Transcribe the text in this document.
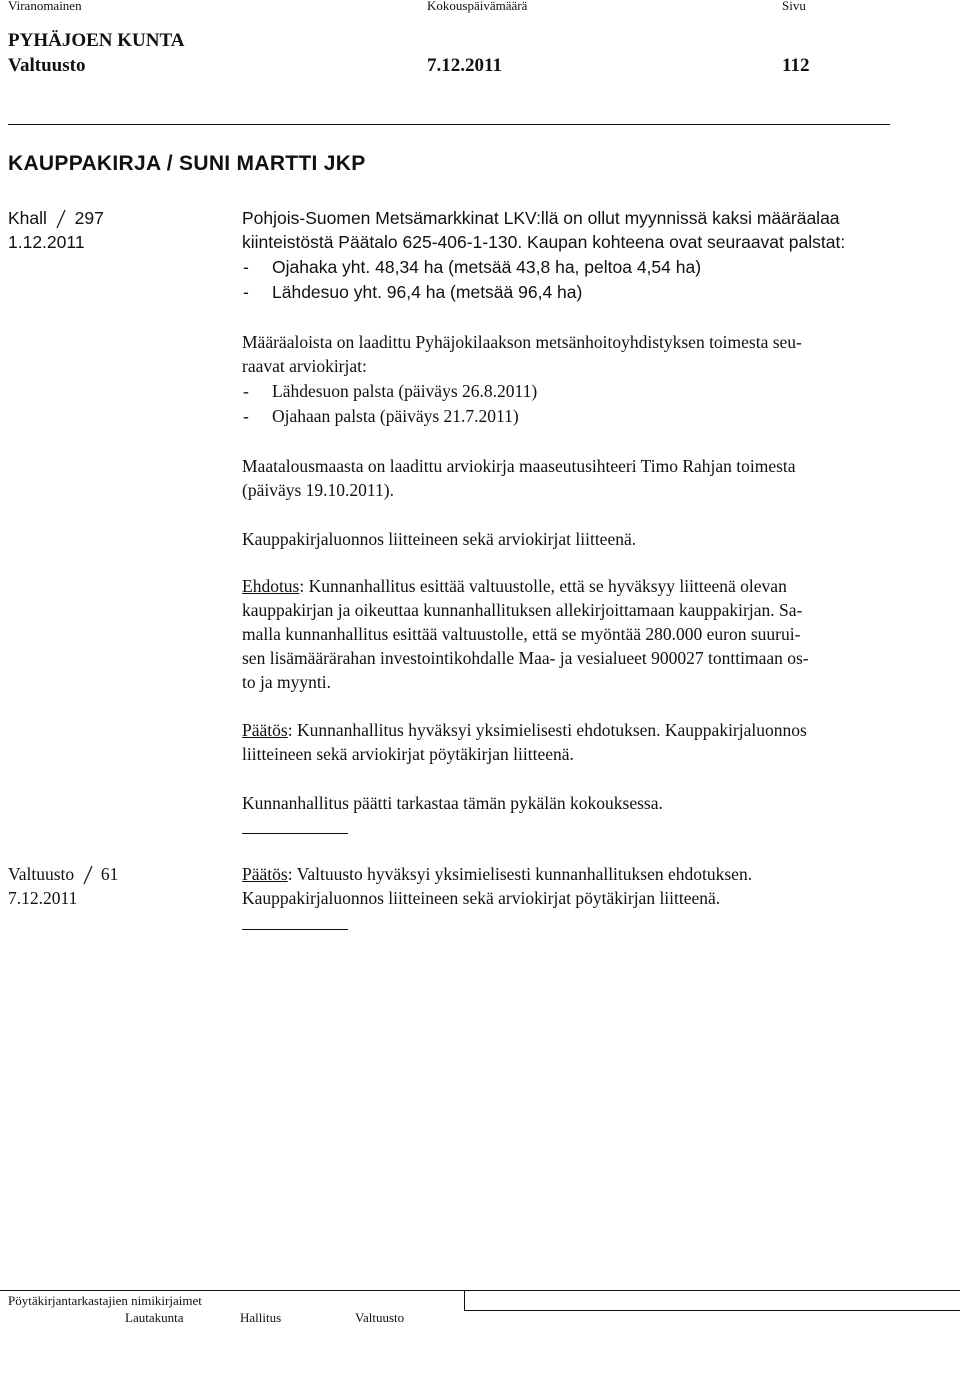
Viranomainen	Kokouspäivämäärä	Sivu
PYHÄJOEN KUNTA
Valtuusto	7.12.2011	112
KAUPPAKIRJA / SUNI MARTTI JKP
Khall 297
1.12.2011
Pohjois-Suomen Metsämarkkinat LKV:llä on ollut myynnissä kaksi määräalaa
kiinteistöstä Päätalo 625-406-1-130. Kaupan kohteena ovat seuraavat palstat:
- Ojahaka yht. 48,34 ha (metsää 43,8 ha, peltoa 4,54 ha)
- Lähdesuo yht. 96,4 ha (metsää 96,4 ha)
Määräaloista on laadittu Pyhäjokilaakson metsänhoitoyhdistyksen toimesta seu-
raavat arviokirjat:
- Lähdesuon palsta (päiväys 26.8.2011)
- Ojahaan palsta (päiväys 21.7.2011)
Maatalousmaasta on laadittu arviokirja maaseutusihteeri Timo Rahjan toimesta
(päiväys 19.10.2011).
Kauppakirjaluonnos liitteineen sekä arviokirjat liitteenä.
Ehdotus: Kunnanhallitus esittää valtuustolle, että se hyväksyy liitteenä olevan
kauppakirjan ja oikeuttaa kunnanhallituksen allekirjoittamaan kauppakirjan. Sa-
malla kunnanhallitus esittää valtuustolle, että se myöntää 280.000 euron suurui-
sen lisämäärärahan investointikohdalle Maa- ja vesialueet 900027 tonttimaan os-
to ja myynti.
Päätös: Kunnanhallitus hyväksyi yksimielisesti ehdotuksen. Kauppakirjaluonnos
liitteineen sekä arviokirjat pöytäkirjan liitteenä.
Kunnanhallitus päätti tarkastaa tämän pykälän kokouksessa.
Valtuusto 61
7.12.2011
Päätös: Valtuusto hyväksyi yksimielisesti kunnanhallituksen ehdotuksen.
Kauppakirjaluonnos liitteineen sekä arviokirjat pöytäkirjan liitteenä.
Pöytäkirjantarkastajien nimikirjaimet
Lautakunta	Hallitus	Valtuusto
